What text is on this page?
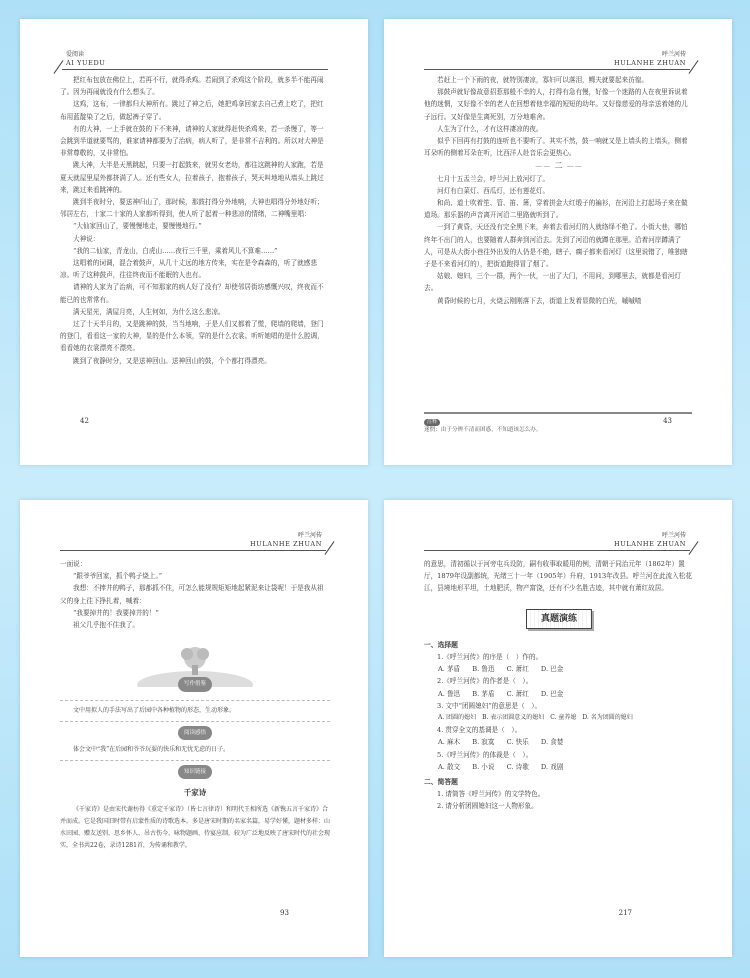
爱阅读
AI YUEDU

把红布包放在佛位上，若再不行，就得杀鸡。若闹到了杀鸡这个阶段，就多半不能再闹了。因为再闹就没有什么想头了。

这鸡，这布，一律都归大神所有。跳过了神之后，她把鸡拿回家去自己煮上吃了，把红布用蓝靛染了之后，做起裤子穿了。

有的大神，一上手就在鼓的下不来神，请神的人家就得赶快杀鸡来，若一杀慢了，等一会跳到半道就要骂的，谁家请神都要为了治病，病人听了，是非常不吉利的。所以对大神是非常尊敬的，又非常怕。

跳大神，大半是天黑跳起，只要一打起鼓来，就男女老幼，都往这跳神的人家跑，若是夏天就屋里屋外都挤满了人。还有些女人，拉着孩子，抱着孩子，哭天叫地地从墙头上跳过来，跳过来看跳神的。

跳到半夜时分，要送神归山了，那时候，那鼓打得分外地响，大神也唱得分外地好听；邻居左右，十家二十家的人家都听得到，使人听了起着一种悲凉的情绪，二神嘴里唱：

“大仙家回山了，要慢慢地走，要慢慢地行。”

大神说：

“我的二仙家，青龙山，白虎山……夜行三千里，乘着风儿不算难……”

这唱着的词调，混合着鼓声，从几十丈远的地方传来，实在是令森森的，听了就感悲凉。听了这种鼓声，往往终夜而不能眠的人也有。

请神的人家为了治病，可不知那家的病人好了没有？却使邻居街坊感慨兴叹，终夜而不能已的也常常有。

满天星光，满屋月亮，人生何如，为什么这么悲凉。

过了十天半月的，又是跳神的鼓，当当地响，于是人们又都着了慌，爬墙的爬墙，登门的登门，看看这一家的大神，显的是什么本领，穿的是什么衣裳。听听她唱的是什么腔调，看看她的衣裳漂亮不漂亮。

跳到了夜静时分，又是送神回山。送神回山的鼓，个个都打得漂亮。

42
呼兰河传
HULANHE ZHUAN

若赶上一个下雨的夜，就特别凄凉，寡妇可以落泪，鳏夫就要起来彷徨。

那鼓声就好像故意招惹那般不幸的人，打得有急有慢，好像一个迷路的人在夜里诉说着他的迷惘，又好像不幸的老人在回想着他幸福的短短的幼年。又好像慈爱的母亲送着她的儿子远行。又好像是生离死别，万分地难舍。

人生为了什么，才有这样凄凉的夜。

似乎下回再有打鼓的连听也不要听了。其实不然，鼓一响就又是上墙头的上墙头，侧着耳朵听的侧着耳朵在听，比西洋人赴音乐会更热心。

—— 二 ——

七月十五盂兰会，呼兰河上放河灯了。

河灯有白菜灯、西瓜灯，还有莲花灯。

和尚、道士吹着笙、管、笛、箫，穿着拼金大红缎子的褊衫，在河沿上打起场子来在做道场。那乐器的声音离开河沿二里路就听到了。

一到了黄昏，天还没有完全黑下来，奔着去看河灯的人就络绎不绝了。小街大巷，哪怕终年不出门的人，也要随着人群奔到河沿去。先到了河沿的就蹲在那里。沿着河岸蹲满了人，可是从大街小巷往外出发的人仍是不绝，瞎子、瘸子都来看河灯（这里说错了，唯独瞎子是不来看河灯的），把街道跑得冒了烟了。

姑娘、媳妇，三个一群，两个一伙，一出了大门，不用问，到哪里去，就都是看河灯去。

黄昏时候的七月，火烧云刚刚落下去，街道上发着显微的白光，嘁嘁喳

注释
迷惘：由于分辨不清而困惑，不知道该怎么办。
43
呼兰河传
HULANHE ZHUAN

一面说：

“跟爷爷回家，抓个鸭子烧上。”

我想：不捧井的鸭子，那都抓不住，可怎么能规规矩矩地起紧泥来让袋呢！于是我从祖父的身上往下挣扎着，喊着：

“我要掉井的！我要掉井的！”

祖父几乎抱不住我了。

写作借鉴

文中用拟人的手法写出了后园中各种植物的形态，生动形象。

阅读感悟

体会文中“我”在后园和爷爷玩耍的快乐和无忧无虑的日子。

知识链接
千家诗

《千家诗》是由宋代谢枋得《重定千家诗》（皆七言律诗）和明代王相所选《新镌五言千家诗》合并而成。它是我国旧时带有启蒙性质的诗歌选本。多是唐宋时期的名家名篇，易学好懂，题材多样：山水田园、赠友送别、思乡怀人、吊古伤今、咏物题画、侍宴应制，较为广泛地反映了唐宋时代的社会现实，全书共22卷，录诗1281首，为传诵和教学。

93
呼兰河传
HULANHE ZHUAN

的意思，清初循以于河旁屯兵设防，嗣有收事取暖用的例，清朝于同治元年（1862年）置厅，1879年设副都统，光绪三十一年（1905年）升府，1913年改县。呼兰河在此流入松花江，县境地形平坦，土地肥沃，物产富饶，还有不少名胜古迹，其中就有萧红故居。

真题演练

一、选择题

1.《呼兰河传》的序是（　）作的。

A. 茅盾 B. 鲁迅 C. 萧红 D. 巴金

2.《呼兰河传》的作者是（　）。

A. 鲁迅 B. 茅盾 C. 萧红 D. 巴金

3. 文中“团圆媳妇”的意思是（　）。

A. 团圆的媳妇 B. 表示团圆意义的媳妇 C. 童养媳 D. 名为团圆的媳妇

4. 贯穿全文的基调是（　）。

A. 麻木 B. 寂寞 C. 快乐 D. 食婪

5.《呼兰河传》的体裁是（　）。

A. 散文 B. 小说 C. 诗歌 D. 戏剧

二、简答题

1. 请简答《呼兰河传》的文学特色。

2. 请分析团圆媳妇这一人物形象。

217
